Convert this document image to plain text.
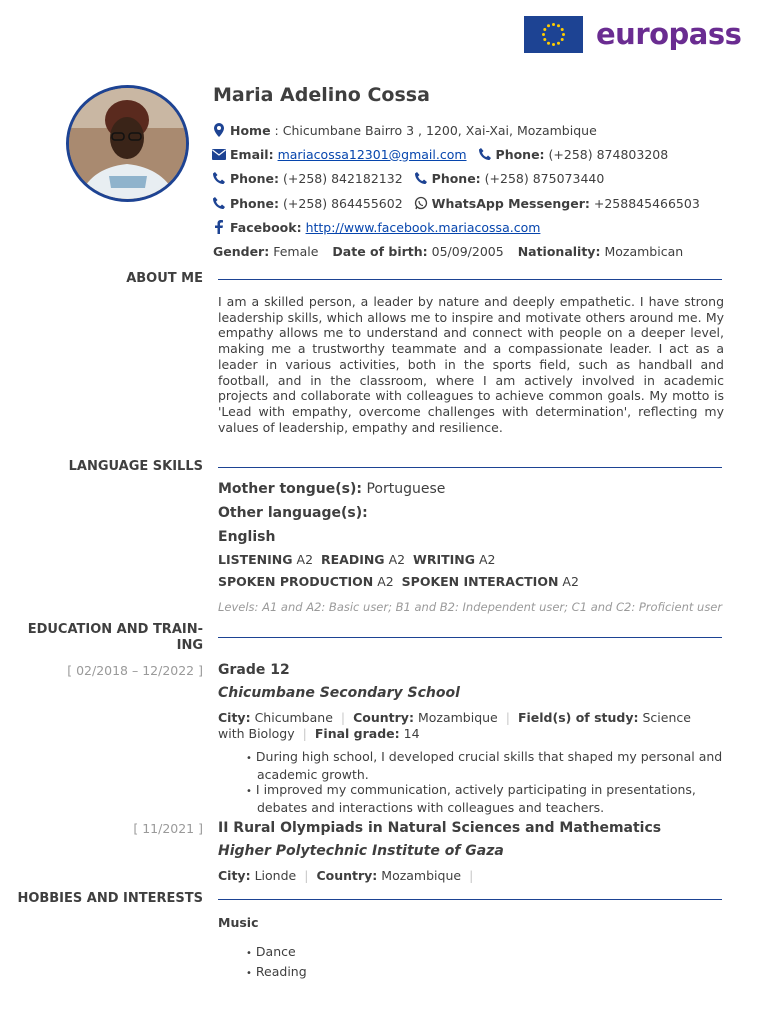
europass
Maria Adelino Cossa
Home
: Chicumbane Bairro 3 , 1200, Xai-Xai, Mozambique
Email:
mariacossa12301@gmail.com Phone:
(+258) 874803208
Phone:
(+258) 842182132 Phone:
(+258) 875073440
Phone:
(+258) 864455602 WhatsApp Messenger:
+258845466503
Facebook:
http://www.facebook.mariacossa.com
Gender: Female Date of birth: 05/09/2005 Nationality: Mozambican
ABOUT ME
I am a skilled person, a leader by nature and deeply empathetic. I have strong leadership skills, which allows me to inspire and motivate others around me. My empathy allows me to understand and connect with people on a deeper level, making me a trustworthy teammate and a compassionate leader. I act as a leader in various activities, both in the sports field, such as handball and football, and in the classroom, where I am actively involved in academic projects and collaborate with colleagues to achieve common goals. My motto is 'Lead with empathy, overcome challenges with determination', reflecting my values of leadership, empathy and resilience.
LANGUAGE SKILLS
Mother tongue(s): Portuguese
Other language(s):
English
LISTENING A2 READING A2 WRITING A2
SPOKEN PRODUCTION A2 SPOKEN INTERACTION A2
Levels: A1 and A2: Basic user; B1 and B2: Independent user; C1 and C2: Proficient user
EDUCATION AND TRAIN-
ING
[ 02/2018 – 12/2022 ] Grade 12
Chicumbane Secondary School
City: Chicumbane | Country: Mozambique | Field(s) of study: Science with Biology | Final grade: 14
• During high school, I developed crucial skills that shaped my personal and academic growth.
• I improved my communication, actively participating in presentations, debates and interactions with colleagues and teachers.
[ 11/2021 ] II Rural Olympiads in Natural Sciences and Mathematics
Higher Polytechnic Institute of Gaza
City: Lionde | Country: Mozambique |
HOBBIES AND INTERESTS
Music
• Dance
• Reading
